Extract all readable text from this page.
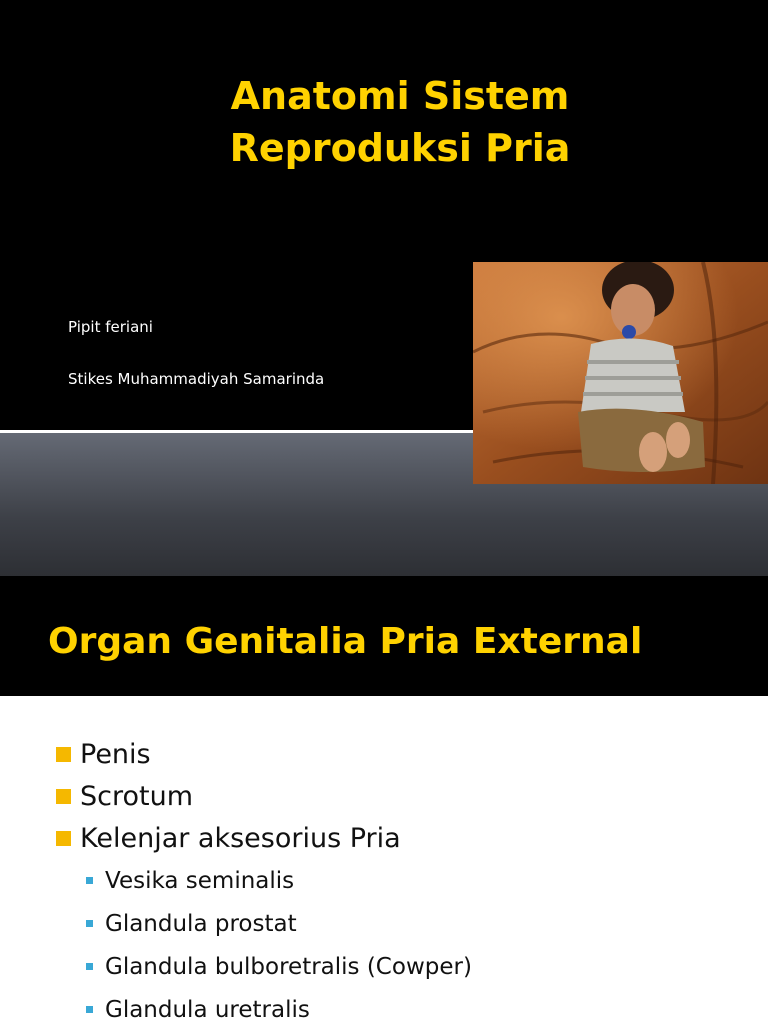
Anatomi Sistem Reproduksi Pria
Pipit feriani
Stikes Muhammadiyah Samarinda
Organ Genitalia Pria External
Penis
Scrotum
Kelenjar aksesorius Pria
Vesika seminalis
Glandula prostat
Glandula bulboretralis (Cowper)
Glandula uretralis
